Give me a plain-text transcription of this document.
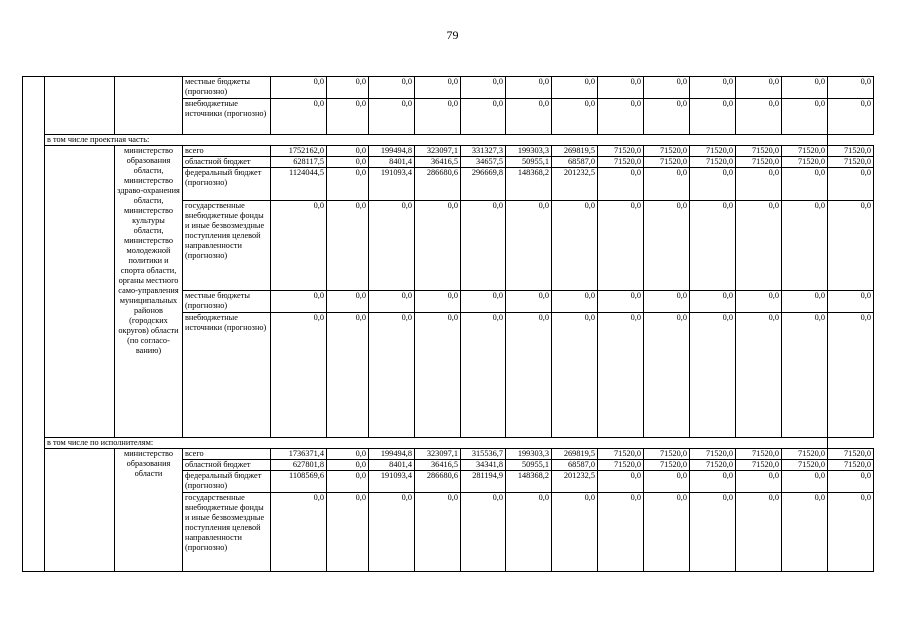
79
			местные бюджеты (прогнозно)	0,0	0,0	0,0	0,0	0,0	0,0	0,0	0,0	0,0	0,0	0,0	0,0	0,0
			внебюджетные источники (прогнозно)	0,0	0,0	0,0	0,0	0,0	0,0	0,0	0,0	0,0	0,0	0,0	0,0	0,0
	в том числе проектная часть:															
		министерство образования области, министерство здраво-охранения области, министерство культуры области, министерство молодежной политики и спорта области, органы местного само-управления муниципальных районов (городских округов) области (по согласо-ванию)	всего	1752162,0	0,0	199494,8	323097,1	331327,3	199303,3	269819,5	71520,0	71520,0	71520,0	71520,0	71520,0	71520,0
			областной бюджет	628117,5	0,0	8401,4	36416,5	34657,5	50955,1	68587,0	71520,0	71520,0	71520,0	71520,0	71520,0	71520,0
			федеральный бюджет (прогнозно)	1124044,5	0,0	191093,4	286680,6	296669,8	148368,2	201232,5	0,0	0,0	0,0	0,0	0,0	0,0
			государственные внебюджетные фонды и иные безвозмездные поступления целевой направленности (прогнозно)	0,0	0,0	0,0	0,0	0,0	0,0	0,0	0,0	0,0	0,0	0,0	0,0	0,0
			местные бюджеты (прогнозно)	0,0	0,0	0,0	0,0	0,0	0,0	0,0	0,0	0,0	0,0	0,0	0,0	0,0
			внебюджетные источники (прогнозно)	0,0	0,0	0,0	0,0	0,0	0,0	0,0	0,0	0,0	0,0	0,0	0,0	0,0
	в том числе по исполнителям:															
		министерство образования области	всего	1736371,4	0,0	199494,8	323097,1	315536,7	199303,3	269819,5	71520,0	71520,0	71520,0	71520,0	71520,0	71520,0
			областной бюджет	627801,8	0,0	8401,4	36416,5	34341,8	50955,1	68587,0	71520,0	71520,0	71520,0	71520,0	71520,0	71520,0
			федеральный бюджет (прогнозно)	1108569,6	0,0	191093,4	286680,6	281194,9	148368,2	201232,5	0,0	0,0	0,0	0,0	0,0	0,0
			государственные внебюджетные фонды и иные безвозмездные поступления целевой направленности (прогнозно)	0,0	0,0	0,0	0,0	0,0	0,0	0,0	0,0	0,0	0,0	0,0	0,0	0,0
